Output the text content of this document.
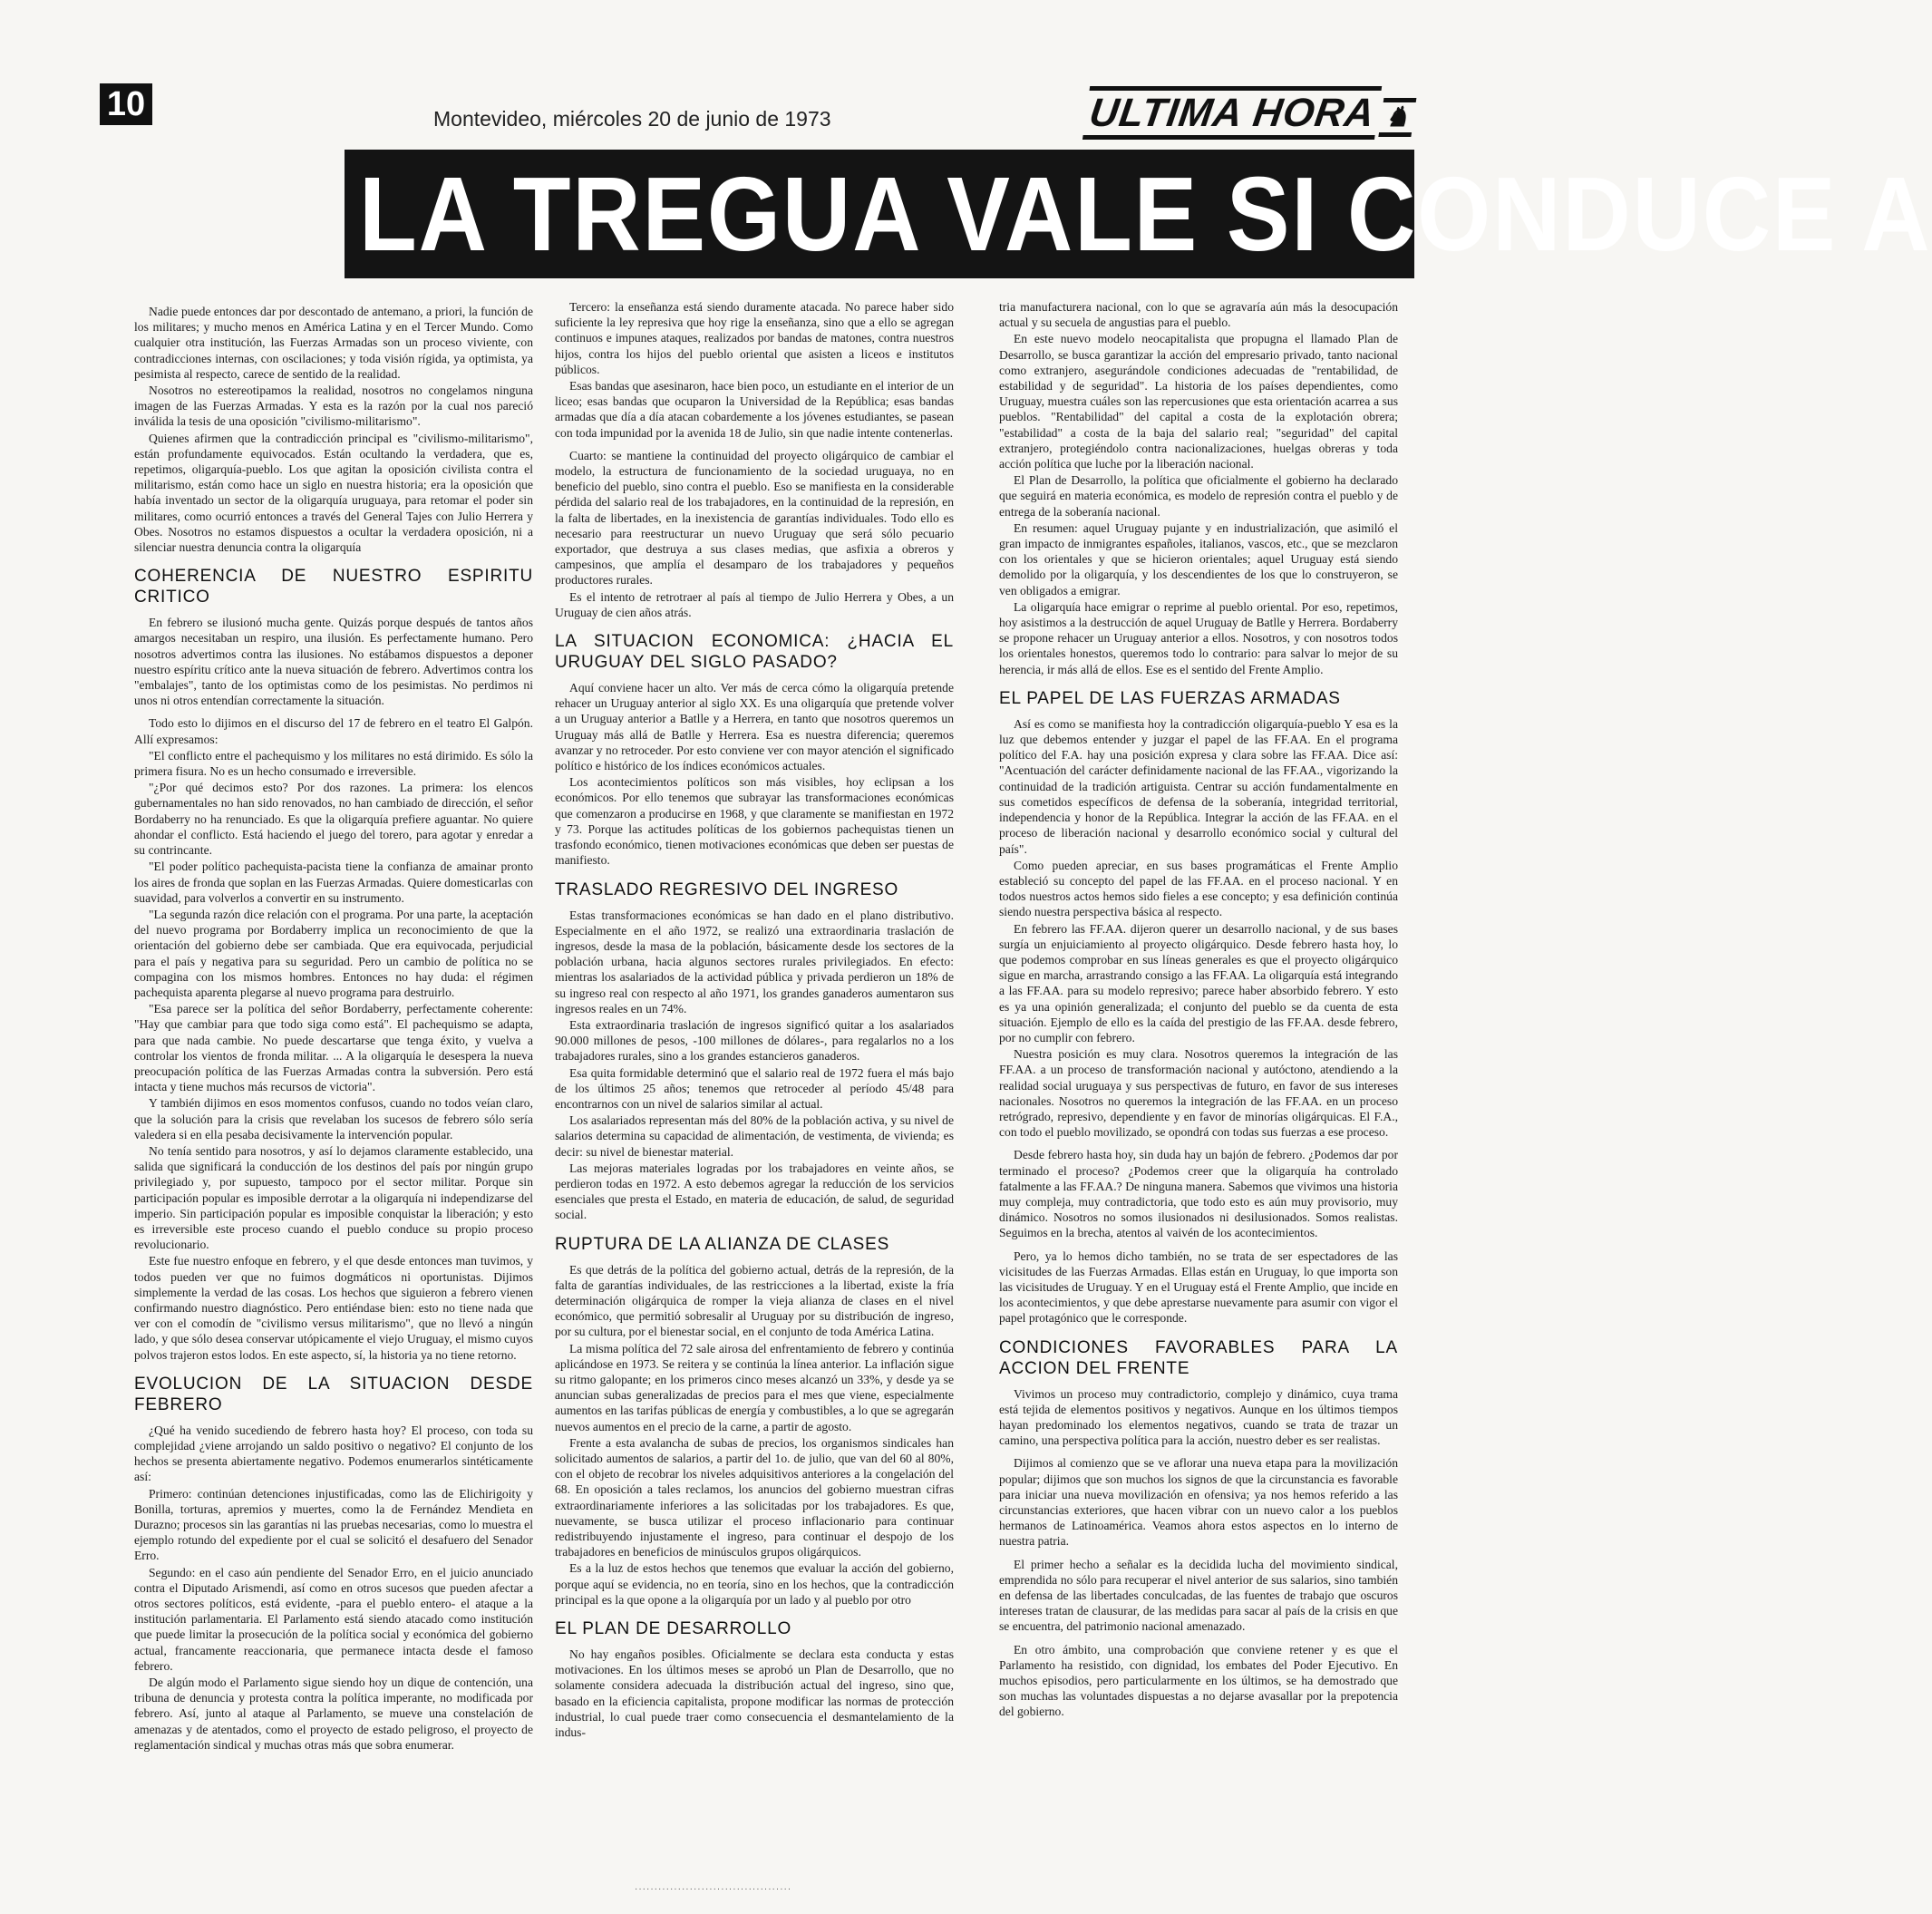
10	Montevideo, miércoles 20 de junio de 1973	ULTIMA HORA ♞
LA TREGUA VALE SI CONDUCE A

Nadie puede entonces dar por descontado de antemano, a priori, la función de los militares; y mucho menos en América Latina y en el Tercer Mundo. Como cualquier otra institución, las Fuerzas Armadas son un proceso viviente, con contradicciones internas, con oscilaciones; y toda visión rígida, ya optimista, ya pesimista al respecto, carece de sentido de la realidad.

Nosotros no estereotipamos la realidad, nosotros no congelamos ninguna imagen de las Fuerzas Armadas. Y esta es la razón por la cual nos pareció inválida la tesis de una oposición "civilismo-militarismo".

Quienes afirmen que la contradicción principal es "civilismo-militarismo", están profundamente equivocados. Están ocultando la verdadera, que es, repetimos, oligarquía-pueblo. Los que agitan la oposición civilista contra el militarismo, están como hace un siglo en nuestra historia; era la oposición que había inventado un sector de la oligarquía uruguaya, para retomar el poder sin militares, como ocurrió entonces a través del General Tajes con Julio Herrera y Obes. Nosotros no estamos dispuestos a ocultar la verdadera oposición, ni a silenciar nuestra denuncia contra la oligarquía

COHERENCIA DE NUESTRO ESPIRITU CRITICO

En febrero se ilusionó mucha gente. Quizás porque después de tantos años amargos necesitaban un respiro, una ilusión. Es perfectamente humano. Pero nosotros advertimos contra las ilusiones. No estábamos dispuestos a deponer nuestro espíritu crítico ante la nueva situación de febrero. Advertimos contra los "embalajes", tanto de los optimistas como de los pesimistas. No perdimos ni unos ni otros entendían correctamente la situación.

Todo esto lo dijimos en el discurso del 17 de febrero en el teatro El Galpón. Allí expresamos:

"El conflicto entre el pachequismo y los militares no está dirimido. Es sólo la primera fisura. No es un hecho consumado e irreversible.

"¿Por qué decimos esto? Por dos razones. La primera: los elencos gubernamentales no han sido renovados, no han cambiado de dirección, el señor Bordaberry no ha renunciado. Es que la oligarquía prefiere aguantar. No quiere ahondar el conflicto. Está haciendo el juego del torero, para agotar y enredar a su contrincante.

"El poder político pachequista-pacista tiene la confianza de amainar pronto los aires de fronda que soplan en las Fuerzas Armadas. Quiere domesticarlas con suavidad, para volverlos a convertir en su instrumento.

"La segunda razón dice relación con el programa. Por una parte, la aceptación del nuevo programa por Bordaberry implica un reconocimiento de que la orientación del gobierno debe ser cambiada. Que era equivocada, perjudicial para el país y negativa para su seguridad. Pero un cambio de política no se compagina con los mismos hombres. Entonces no hay duda: el régimen pachequista aparenta plegarse al nuevo programa para destruirlo.

"Esa parece ser la política del señor Bordaberry, perfectamente coherente: "Hay que cambiar para que todo siga como está". El pachequismo se adapta, para que nada cambie. No puede descartarse que tenga éxito, y vuelva a controlar los vientos de fronda militar. ... A la oligarquía le desespera la nueva preocupación política de las Fuerzas Armadas contra la subversión. Pero está intacta y tiene muchos más recursos de victoria".

Y también dijimos en esos momentos confusos, cuando no todos veían claro, que la solución para la crisis que revelaban los sucesos de febrero sólo sería valedera si en ella pesaba decisivamente la intervención popular.

No tenía sentido para nosotros, y así lo dejamos claramente establecido, una salida que significará la conducción de los destinos del país por ningún grupo privilegiado y, por supuesto, tampoco por el sector militar. Porque sin participación popular es imposible derrotar a la oligarquía ni independizarse del imperio. Sin participación popular es imposible conquistar la liberación; y esto es irreversible este proceso cuando el pueblo conduce su propio proceso revolucionario.

Este fue nuestro enfoque en febrero, y el que desde entonces man tuvimos, y todos pueden ver que no fuimos dogmáticos ni oportunistas. Dijimos simplemente la verdad de las cosas. Los hechos que siguieron a febrero vienen confirmando nuestro diagnóstico. Pero entiéndase bien: esto no tiene nada que ver con el comodín de "civilismo versus militarismo", que no llevó a ningún lado, y que sólo desea conservar utópicamente el viejo Uruguay, el mismo cuyos polvos trajeron estos lodos. En este aspecto, sí, la historia ya no tiene retorno.

EVOLUCION DE LA SITUACION DESDE FEBRERO

¿Qué ha venido sucediendo de febrero hasta hoy? El proceso, con toda su complejidad ¿viene arrojando un saldo positivo o negativo? El conjunto de los hechos se presenta abiertamente negativo. Podemos enumerarlos sintéticamente así:

Primero: continúan detenciones injustificadas, como las de Elichirigoity y Bonilla, torturas, apremios y muertes, como la de Fernández Mendieta en Durazno; procesos sin las garantías ni las pruebas necesarias, como lo muestra el ejemplo rotundo del expediente por el cual se solicitó el desafuero del Senador Erro.

Segundo: en el caso aún pendiente del Senador Erro, en el juicio anunciado contra el Diputado Arismendi, así como en otros sucesos que pueden afectar a otros sectores políticos, está evidente, -para el pueblo entero- el ataque a la institución parlamentaria. El Parlamento está siendo atacado como institución que puede limitar la prosecución de la política social y económica del gobierno actual, francamente reaccionaria, que permanece intacta desde el famoso febrero.

De algún modo el Parlamento sigue siendo hoy un dique de contención, una tribuna de denuncia y protesta contra la política imperante, no modificada por febrero. Así, junto al ataque al Parlamento, se mueve una constelación de amenazas y de atentados, como el proyecto de estado peligroso, el proyecto de reglamentación sindical y muchas otras más que sobra enumerar.

Tercero: la enseñanza está siendo duramente atacada. No parece haber sido suficiente la ley represiva que hoy rige la enseñanza, sino que a ello se agregan continuos e impunes ataques, realizados por bandas de matones, contra nuestros hijos, contra los hijos del pueblo oriental que asisten a liceos e institutos públicos.

Esas bandas que asesinaron, hace bien poco, un estudiante en el interior de un liceo; esas bandas que ocuparon la Universidad de la República; esas bandas armadas que día a día atacan cobardemente a los jóvenes estudiantes, se pasean con toda impunidad por la avenida 18 de Julio, sin que nadie intente contenerlas.

Cuarto: se mantiene la continuidad del proyecto oligárquico de cambiar el modelo, la estructura de funcionamiento de la sociedad uruguaya, no en beneficio del pueblo, sino contra el pueblo. Eso se manifiesta en la considerable pérdida del salario real de los trabajadores, en la continuidad de la represión, en la falta de libertades, en la inexistencia de garantías individuales. Todo ello es necesario para reestructurar un nuevo Uruguay que será sólo pecuario exportador, que destruya a sus clases medias, que asfixia a obreros y campesinos, que amplía el desamparo de los trabajadores y pequeños productores rurales.

Es el intento de retrotraer al país al tiempo de Julio Herrera y Obes, a un Uruguay de cien años atrás.

LA SITUACION ECONOMICA: ¿HACIA EL URUGUAY DEL SIGLO PASADO?

Aquí conviene hacer un alto. Ver más de cerca cómo la oligarquía pretende rehacer un Uruguay anterior al siglo XX. Es una oligarquía que pretende volver a un Uruguay anterior a Batlle y a Herrera, en tanto que nosotros queremos un Uruguay más allá de Batlle y Herrera. Esa es nuestra diferencia; queremos avanzar y no retroceder. Por esto conviene ver con mayor atención el significado político e histórico de los índices económicos actuales.

Los acontecimientos políticos son más visibles, hoy eclipsan a los económicos. Por ello tenemos que subrayar las transformaciones económicas que comenzaron a producirse en 1968, y que claramente se manifiestan en 1972 y 73. Porque las actitudes políticas de los gobiernos pachequistas tienen un trasfondo económico, tienen motivaciones económicas que deben ser puestas de manifiesto.

TRASLADO REGRESIVO DEL INGRESO

Estas transformaciones económicas se han dado en el plano distributivo. Especialmente en el año 1972, se realizó una extraordinaria traslación de ingresos, desde la masa de la población, básicamente desde los sectores de la población urbana, hacia algunos sectores rurales privilegiados. En efecto: mientras los asalariados de la actividad pública y privada perdieron un 18% de su ingreso real con respecto al año 1971, los grandes ganaderos aumentaron sus ingresos reales en un 74%.

Esta extraordinaria traslación de ingresos significó quitar a los asalariados 90.000 millones de pesos, -100 millones de dólares-, para regalarlos no a los trabajadores rurales, sino a los grandes estancieros ganaderos.

Esa quita formidable determinó que el salario real de 1972 fuera el más bajo de los últimos 25 años; tenemos que retroceder al período 45/48 para encontrarnos con un nivel de salarios similar al actual.

Los asalariados representan más del 80% de la población activa, y su nivel de salarios determina su capacidad de alimentación, de vestimenta, de vivienda; es decir: su nivel de bienestar material.

Las mejoras materiales logradas por los trabajadores en veinte años, se perdieron todas en 1972. A esto debemos agregar la reducción de los servicios esenciales que presta el Estado, en materia de educación, de salud, de seguridad social.

RUPTURA DE LA ALIANZA DE CLASES

Es que detrás de la política del gobierno actual, detrás de la represión, de la falta de garantías individuales, de las restricciones a la libertad, existe la fría determinación oligárquica de romper la vieja alianza de clases en el nivel económico, que permitió sobresalir al Uruguay por su distribución de ingreso, por su cultura, por el bienestar social, en el conjunto de toda América Latina.

La misma política del 72 sale airosa del enfrentamiento de febrero y continúa aplicándose en 1973. Se reitera y se continúa la línea anterior. La inflación sigue su ritmo galopante; en los primeros cinco meses alcanzó un 33%, y desde ya se anuncian subas generalizadas de precios para el mes que viene, especialmente aumentos en las tarifas públicas de energía y combustibles, a lo que se agregarán nuevos aumentos en el precio de la carne, a partir de agosto.

Frente a esta avalancha de subas de precios, los organismos sindicales han solicitado aumentos de salarios, a partir del 1o. de julio, que van del 60 al 80%, con el objeto de recobrar los niveles adquisitivos anteriores a la congelación del 68. En oposición a tales reclamos, los anuncios del gobierno muestran cifras extraordinariamente inferiores a las solicitadas por los trabajadores. Es que, nuevamente, se busca utilizar el proceso inflacionario para continuar redistribuyendo injustamente el ingreso, para continuar el despojo de los trabajadores en beneficios de minúsculos grupos oligárquicos.

Es a la luz de estos hechos que tenemos que evaluar la acción del gobierno, porque aquí se evidencia, no en teoría, sino en los hechos, que la contradicción principal es la que opone a la oligarquía por un lado y al pueblo por otro

EL PLAN DE DESARROLLO

No hay engaños posibles. Oficialmente se declara esta conducta y estas motivaciones. En los últimos meses se aprobó un Plan de Desarrollo, que no solamente considera adecuada la distribución actual del ingreso, sino que, basado en la eficiencia capitalista, propone modificar las normas de protección industrial, lo cual puede traer como consecuencia el desmantelamiento de la indus-

tria manufacturera nacional, con lo que se agravaría aún más la desocupación actual y su secuela de angustias para el pueblo.

En este nuevo modelo neocapitalista que propugna el llamado Plan de Desarrollo, se busca garantizar la acción del empresario privado, tanto nacional como extranjero, asegurándole condiciones adecuadas de "rentabilidad, de estabilidad y de seguridad". La historia de los países dependientes, como Uruguay, muestra cuáles son las repercusiones que esta orientación acarrea a sus pueblos. "Rentabilidad" del capital a costa de la explotación obrera; "estabilidad" a costa de la baja del salario real; "seguridad" del capital extranjero, protegiéndolo contra nacionalizaciones, huelgas obreras y toda acción política que luche por la liberación nacional.

El Plan de Desarrollo, la política que oficialmente el gobierno ha declarado que seguirá en materia económica, es modelo de represión contra el pueblo y de entrega de la soberanía nacional.

En resumen: aquel Uruguay pujante y en industrialización, que asimiló el gran impacto de inmigrantes españoles, italianos, vascos, etc., que se mezclaron con los orientales y que se hicieron orientales; aquel Uruguay está siendo demolido por la oligarquía, y los descendientes de los que lo construyeron, se ven obligados a emigrar.

La oligarquía hace emigrar o reprime al pueblo oriental. Por eso, repetimos, hoy asistimos a la destrucción de aquel Uruguay de Batlle y Herrera. Bordaberry se propone rehacer un Uruguay anterior a ellos. Nosotros, y con nosotros todos los orientales honestos, queremos todo lo contrario: para salvar lo mejor de su herencia, ir más allá de ellos. Ese es el sentido del Frente Amplio.

EL PAPEL DE LAS FUERZAS ARMADAS

Así es como se manifiesta hoy la contradicción oligarquía-pueblo Y esa es la luz que debemos entender y juzgar el papel de las FF.AA. En el programa político del F.A. hay una posición expresa y clara sobre las FF.AA. Dice así: "Acentuación del carácter definidamente nacional de las FF.AA., vigorizando la continuidad de la tradición artiguista. Centrar su acción fundamentalmente en sus cometidos específicos de defensa de la soberanía, integridad territorial, independencia y honor de la República. Integrar la acción de las FF.AA. en el proceso de liberación nacional y desarrollo económico social y cultural del país".

Como pueden apreciar, en sus bases programáticas el Frente Amplio estableció su concepto del papel de las FF.AA. en el proceso nacional. Y en todos nuestros actos hemos sido fieles a ese concepto; y esa definición continúa siendo nuestra perspectiva básica al respecto.

En febrero las FF.AA. dijeron querer un desarrollo nacional, y de sus bases surgía un enjuiciamiento al proyecto oligárquico. Desde febrero hasta hoy, lo que podemos comprobar en sus líneas generales es que el proyecto oligárquico sigue en marcha, arrastrando consigo a las FF.AA. La oligarquía está integrando a las FF.AA. para su modelo represivo; parece haber absorbido febrero. Y esto es ya una opinión generalizada; el conjunto del pueblo se da cuenta de esta situación. Ejemplo de ello es la caída del prestigio de las FF.AA. desde febrero, por no cumplir con febrero.

Nuestra posición es muy clara. Nosotros queremos la integración de las FF.AA. a un proceso de transformación nacional y autóctono, atendiendo a la realidad social uruguaya y sus perspectivas de futuro, en favor de sus intereses nacionales. Nosotros no queremos la integración de las FF.AA. en un proceso retrógrado, represivo, dependiente y en favor de minorías oligárquicas. El F.A., con todo el pueblo movilizado, se opondrá con todas sus fuerzas a ese proceso.

Desde febrero hasta hoy, sin duda hay un bajón de febrero. ¿Podemos dar por terminado el proceso? ¿Podemos creer que la oligarquía ha controlado fatalmente a las FF.AA.? De ninguna manera. Sabemos que vivimos una historia muy compleja, muy contradictoria, que todo esto es aún muy provisorio, muy dinámico. Nosotros no somos ilusionados ni desilusionados. Somos realistas. Seguimos en la brecha, atentos al vaivén de los acontecimientos.

Pero, ya lo hemos dicho también, no se trata de ser espectadores de las vicisitudes de las Fuerzas Armadas. Ellas están en Uruguay, lo que importa son las vicisitudes de Uruguay. Y en el Uruguay está el Frente Amplio, que incide en los acontecimientos, y que debe aprestarse nuevamente para asumir con vigor el papel protagónico que le corresponde.

CONDICIONES FAVORABLES PARA LA ACCION DEL FRENTE

Vivimos un proceso muy contradictorio, complejo y dinámico, cuya trama está tejida de elementos positivos y negativos. Aunque en los últimos tiempos hayan predominado los elementos negativos, cuando se trata de trazar un camino, una perspectiva política para la acción, nuestro deber es ser realistas.

Dijimos al comienzo que se ve aflorar una nueva etapa para la movilización popular; dijimos que son muchos los signos de que la circunstancia es favorable para iniciar una nueva movilización en ofensiva; ya nos hemos referido a las circunstancias exteriores, que hacen vibrar con un nuevo calor a los pueblos hermanos de Latinoamérica. Veamos ahora estos aspectos en lo interno de nuestra patria.

El primer hecho a señalar es la decidida lucha del movimiento sindical, emprendida no sólo para recuperar el nivel anterior de sus salarios, sino también en defensa de las libertades conculcadas, de las fuentes de trabajo que oscuros intereses tratan de clausurar, de las medidas para sacar al país de la crisis en que se encuentra, del patrimonio nacional amenazado.

En otro ámbito, una comprobación que conviene retener y es que el Parlamento ha resistido, con dignidad, los embates del Poder Ejecutivo. En muchos episodios, pero particularmente en los últimos, se ha demostrado que son muchas las voluntades dispuestas a no dejarse avasallar por la prepotencia del gobierno.

········································
